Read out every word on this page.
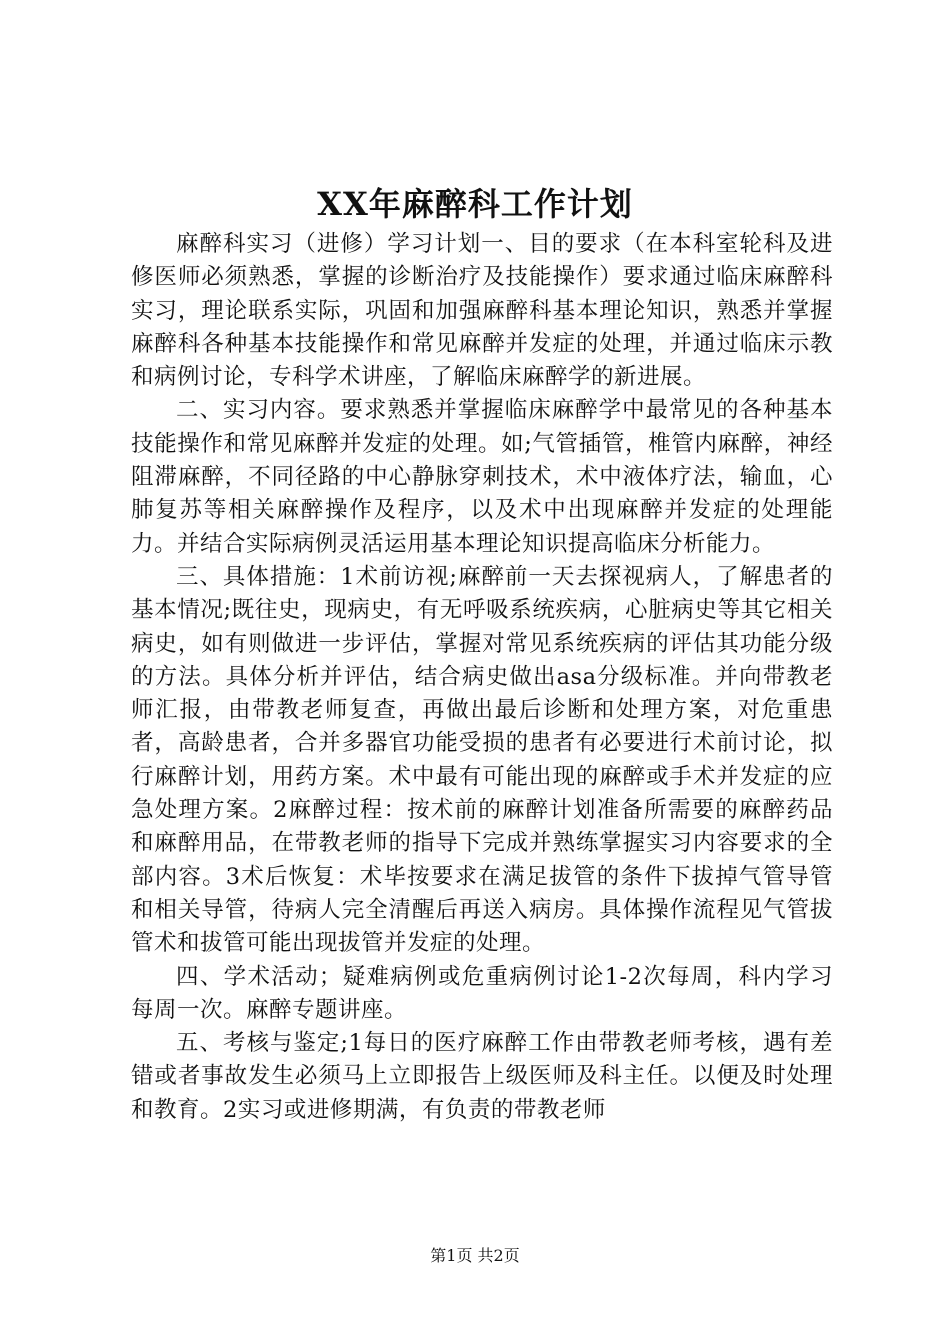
XX年麻醉科工作计划

麻醉科实习（进修）学习计划一、目的要求（在本科室轮科及进修医师必须熟悉，掌握的诊断治疗及技能操作）要求通过临床麻醉科实习，理论联系实际，巩固和加强麻醉科基本理论知识，熟悉并掌握麻醉科各种基本技能操作和常见麻醉并发症的处理，并通过临床示教和病例讨论，专科学术讲座，了解临床麻醉学的新进展。

二、实习内容。要求熟悉并掌握临床麻醉学中最常见的各种基本技能操作和常见麻醉并发症的处理。如;气管插管，椎管内麻醉，神经阻滞麻醉，不同径路的中心静脉穿刺技术，术中液体疗法，输血，心肺复苏等相关麻醉操作及程序，以及术中出现麻醉并发症的处理能力。并结合实际病例灵活运用基本理论知识提高临床分析能力。

三、具体措施：1术前访视;麻醉前一天去探视病人，了解患者的基本情况;既往史，现病史，有无呼吸系统疾病，心脏病史等其它相关病史，如有则做进一步评估，掌握对常见系统疾病的评估其功能分级的方法。具体分析并评估，结合病史做出asa分级标准。并向带教老师汇报，由带教老师复查，再做出最后诊断和处理方案，对危重患者，高龄患者，合并多器官功能受损的患者有必要进行术前讨论，拟行麻醉计划，用药方案。术中最有可能出现的麻醉或手术并发症的应急处理方案。2麻醉过程：按术前的麻醉计划准备所需要的麻醉药品和麻醉用品，在带教老师的指导下完成并熟练掌握实习内容要求的全部内容。3术后恢复：术毕按要求在满足拔管的条件下拔掉气管导管和相关导管，待病人完全清醒后再送入病房。具体操作流程见气管拔管术和拔管可能出现拔管并发症的处理。

四、学术活动；疑难病例或危重病例讨论1-2次每周，科内学习每周一次。麻醉专题讲座。

五、考核与鉴定;1每日的医疗麻醉工作由带教老师考核，遇有差错或者事故发生必须马上立即报告上级医师及科主任。以便及时处理和教育。2实习或进修期满，有负责的带教老师

第1页 共2页
